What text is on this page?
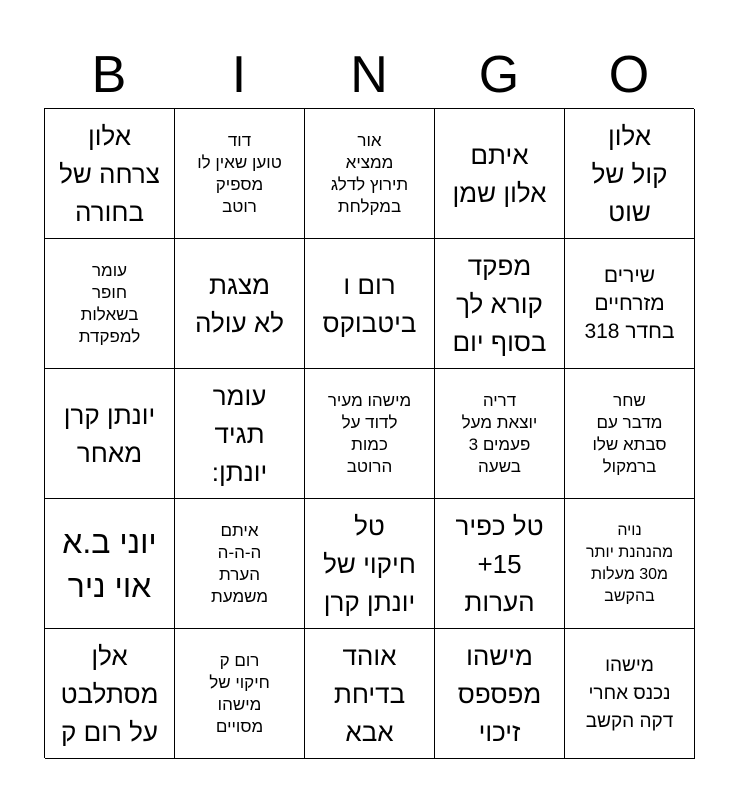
B	I	N	G	O
אלון
צרחה של
בחורה
דוד
טוען שאין לו
מספיק
רוטב
אור
ממציא
תירוץ לדלג
במקלחת
איתם
אלון שמן
אלון
קול של
שוט
עומר
חופר
בשאלות
למפקדת
מצגת
לא עולה
רום ו
ביטבוקס
מפקד
קורא לך
בסוף יום
שירים
מזרחיים
בחדר 318
יונתן קרן
מאחר
עומר
תגיד
יונתן:
מישהו מעיר
לדוד על
כמות
הרוטב
דריה
יוצאת מעל
פעמים 3
בשעה
שחר
מדבר עם
סבתא שלו
ברמקול
יוני ב.א
אוי ניר
איתם
ה-ה-ה
הערת
משמעת
טל
חיקוי של
יונתן קרן
טל כפיר
15+
הערות
נויה
מהנהנת יותר
מ30 מעלות
בהקשב
אלן
מסתלבט
על רום ק
רום ק
חיקוי של
מישהו
מסויים
אוהד
בדיחת
אבא
מישהו
מפספס
זיכוי
מישהו
נכנס אחרי
דקה הקשב
